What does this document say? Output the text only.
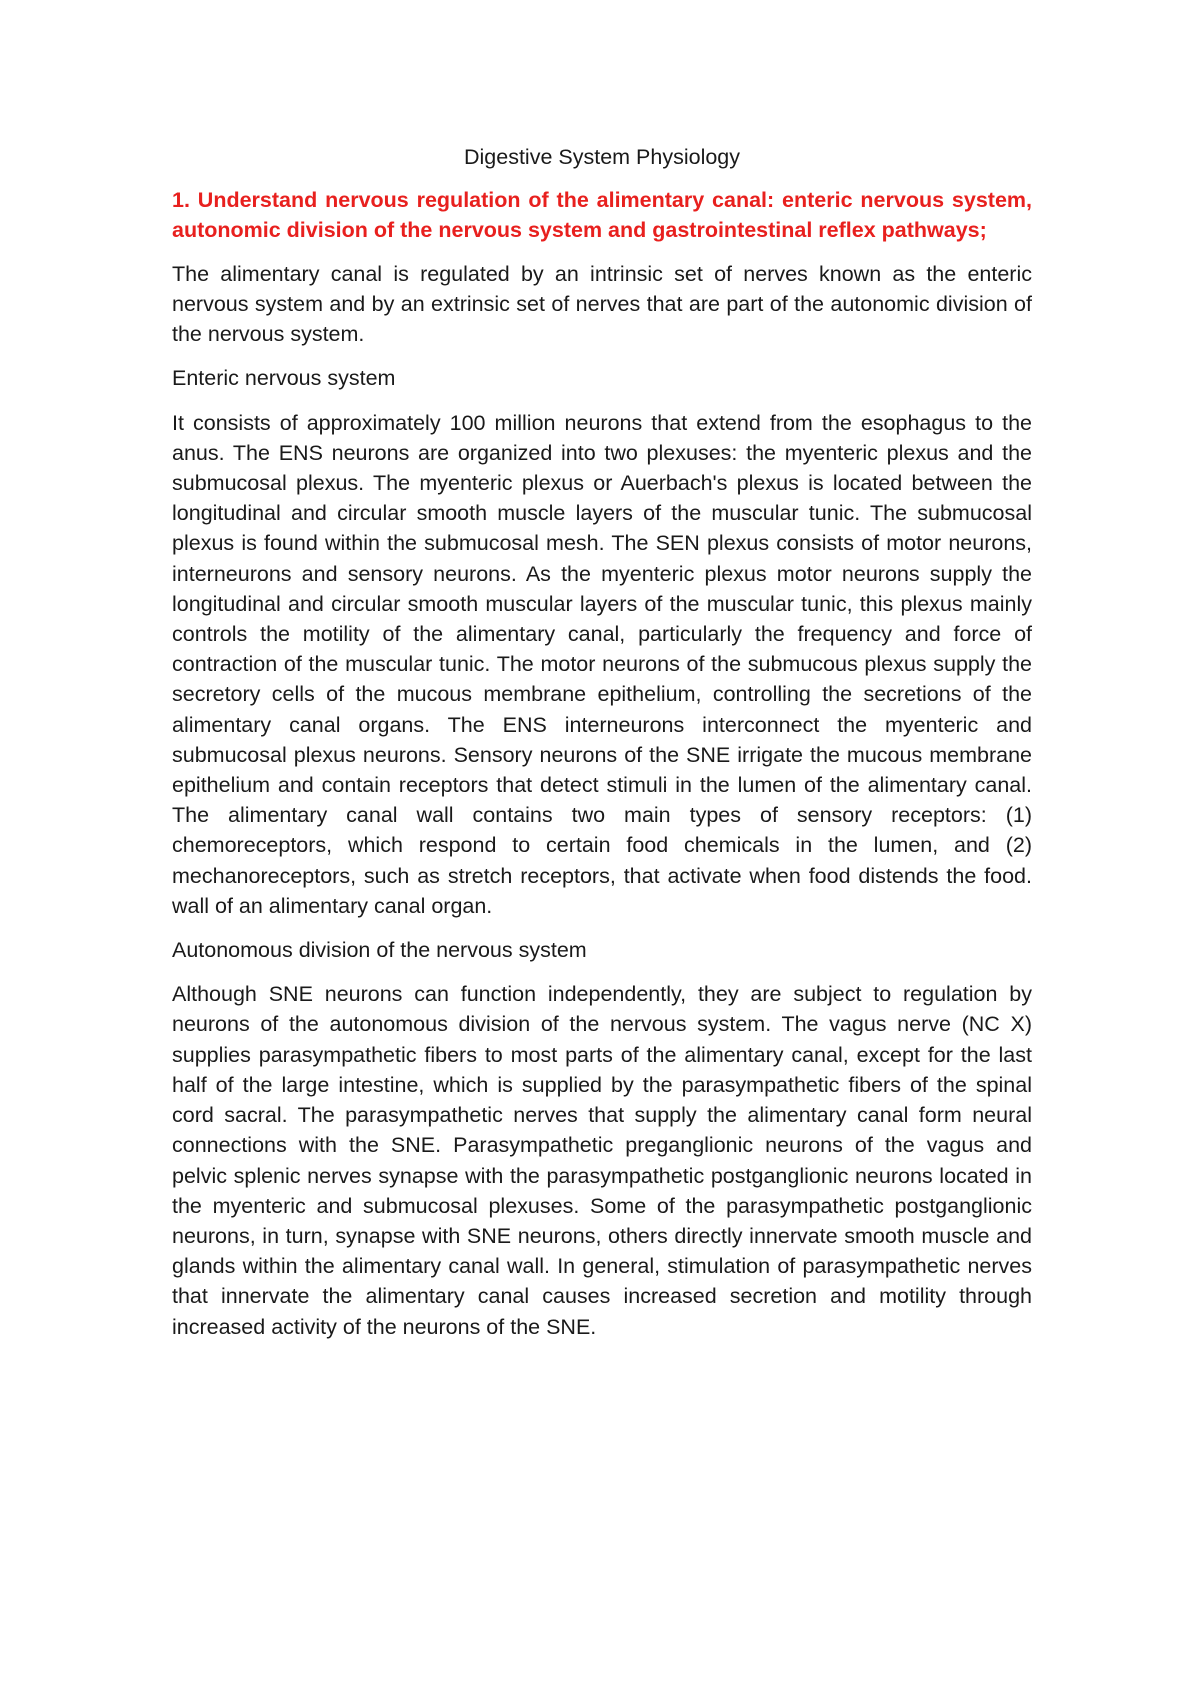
Digestive System Physiology

1. Understand nervous regulation of the alimentary canal: enteric nervous system, autonomic division of the nervous system and gastrointestinal reflex pathways;

The alimentary canal is regulated by an intrinsic set of nerves known as the enteric nervous system and by an extrinsic set of nerves that are part of the autonomic division of the nervous system.

Enteric nervous system

It consists of approximately 100 million neurons that extend from the esophagus to the anus. The ENS neurons are organized into two plexuses: the myenteric plexus and the submucosal plexus. The myenteric plexus or Auerbach's plexus is located between the longitudinal and circular smooth muscle layers of the muscular tunic. The submucosal plexus is found within the submucosal mesh. The SEN plexus consists of motor neurons, interneurons and sensory neurons. As the myenteric plexus motor neurons supply the longitudinal and circular smooth muscular layers of the muscular tunic, this plexus mainly controls the motility of the alimentary canal, particularly the frequency and force of contraction of the muscular tunic. The motor neurons of the submucous plexus supply the secretory cells of the mucous membrane epithelium, controlling the secretions of the alimentary canal organs. The ENS interneurons interconnect the myenteric and submucosal plexus neurons. Sensory neurons of the SNE irrigate the mucous membrane epithelium and contain receptors that detect stimuli in the lumen of the alimentary canal. The alimentary canal wall contains two main types of sensory receptors: (1) chemoreceptors, which respond to certain food chemicals in the lumen, and (2) mechanoreceptors, such as stretch receptors, that activate when food distends the food. wall of an alimentary canal organ.

Autonomous division of the nervous system

Although SNE neurons can function independently, they are subject to regulation by neurons of the autonomous division of the nervous system. The vagus nerve (NC X) supplies parasympathetic fibers to most parts of the alimentary canal, except for the last half of the large intestine, which is supplied by the parasympathetic fibers of the spinal cord sacral. The parasympathetic nerves that supply the alimentary canal form neural connections with the SNE. Parasympathetic preganglionic neurons of the vagus and pelvic splenic nerves synapse with the parasympathetic postganglionic neurons located in the myenteric and submucosal plexuses. Some of the parasympathetic postganglionic neurons, in turn, synapse with SNE neurons, others directly innervate smooth muscle and glands within the alimentary canal wall. In general, stimulation of parasympathetic nerves that innervate the alimentary canal causes increased secretion and motility through increased activity of the neurons of the SNE.
